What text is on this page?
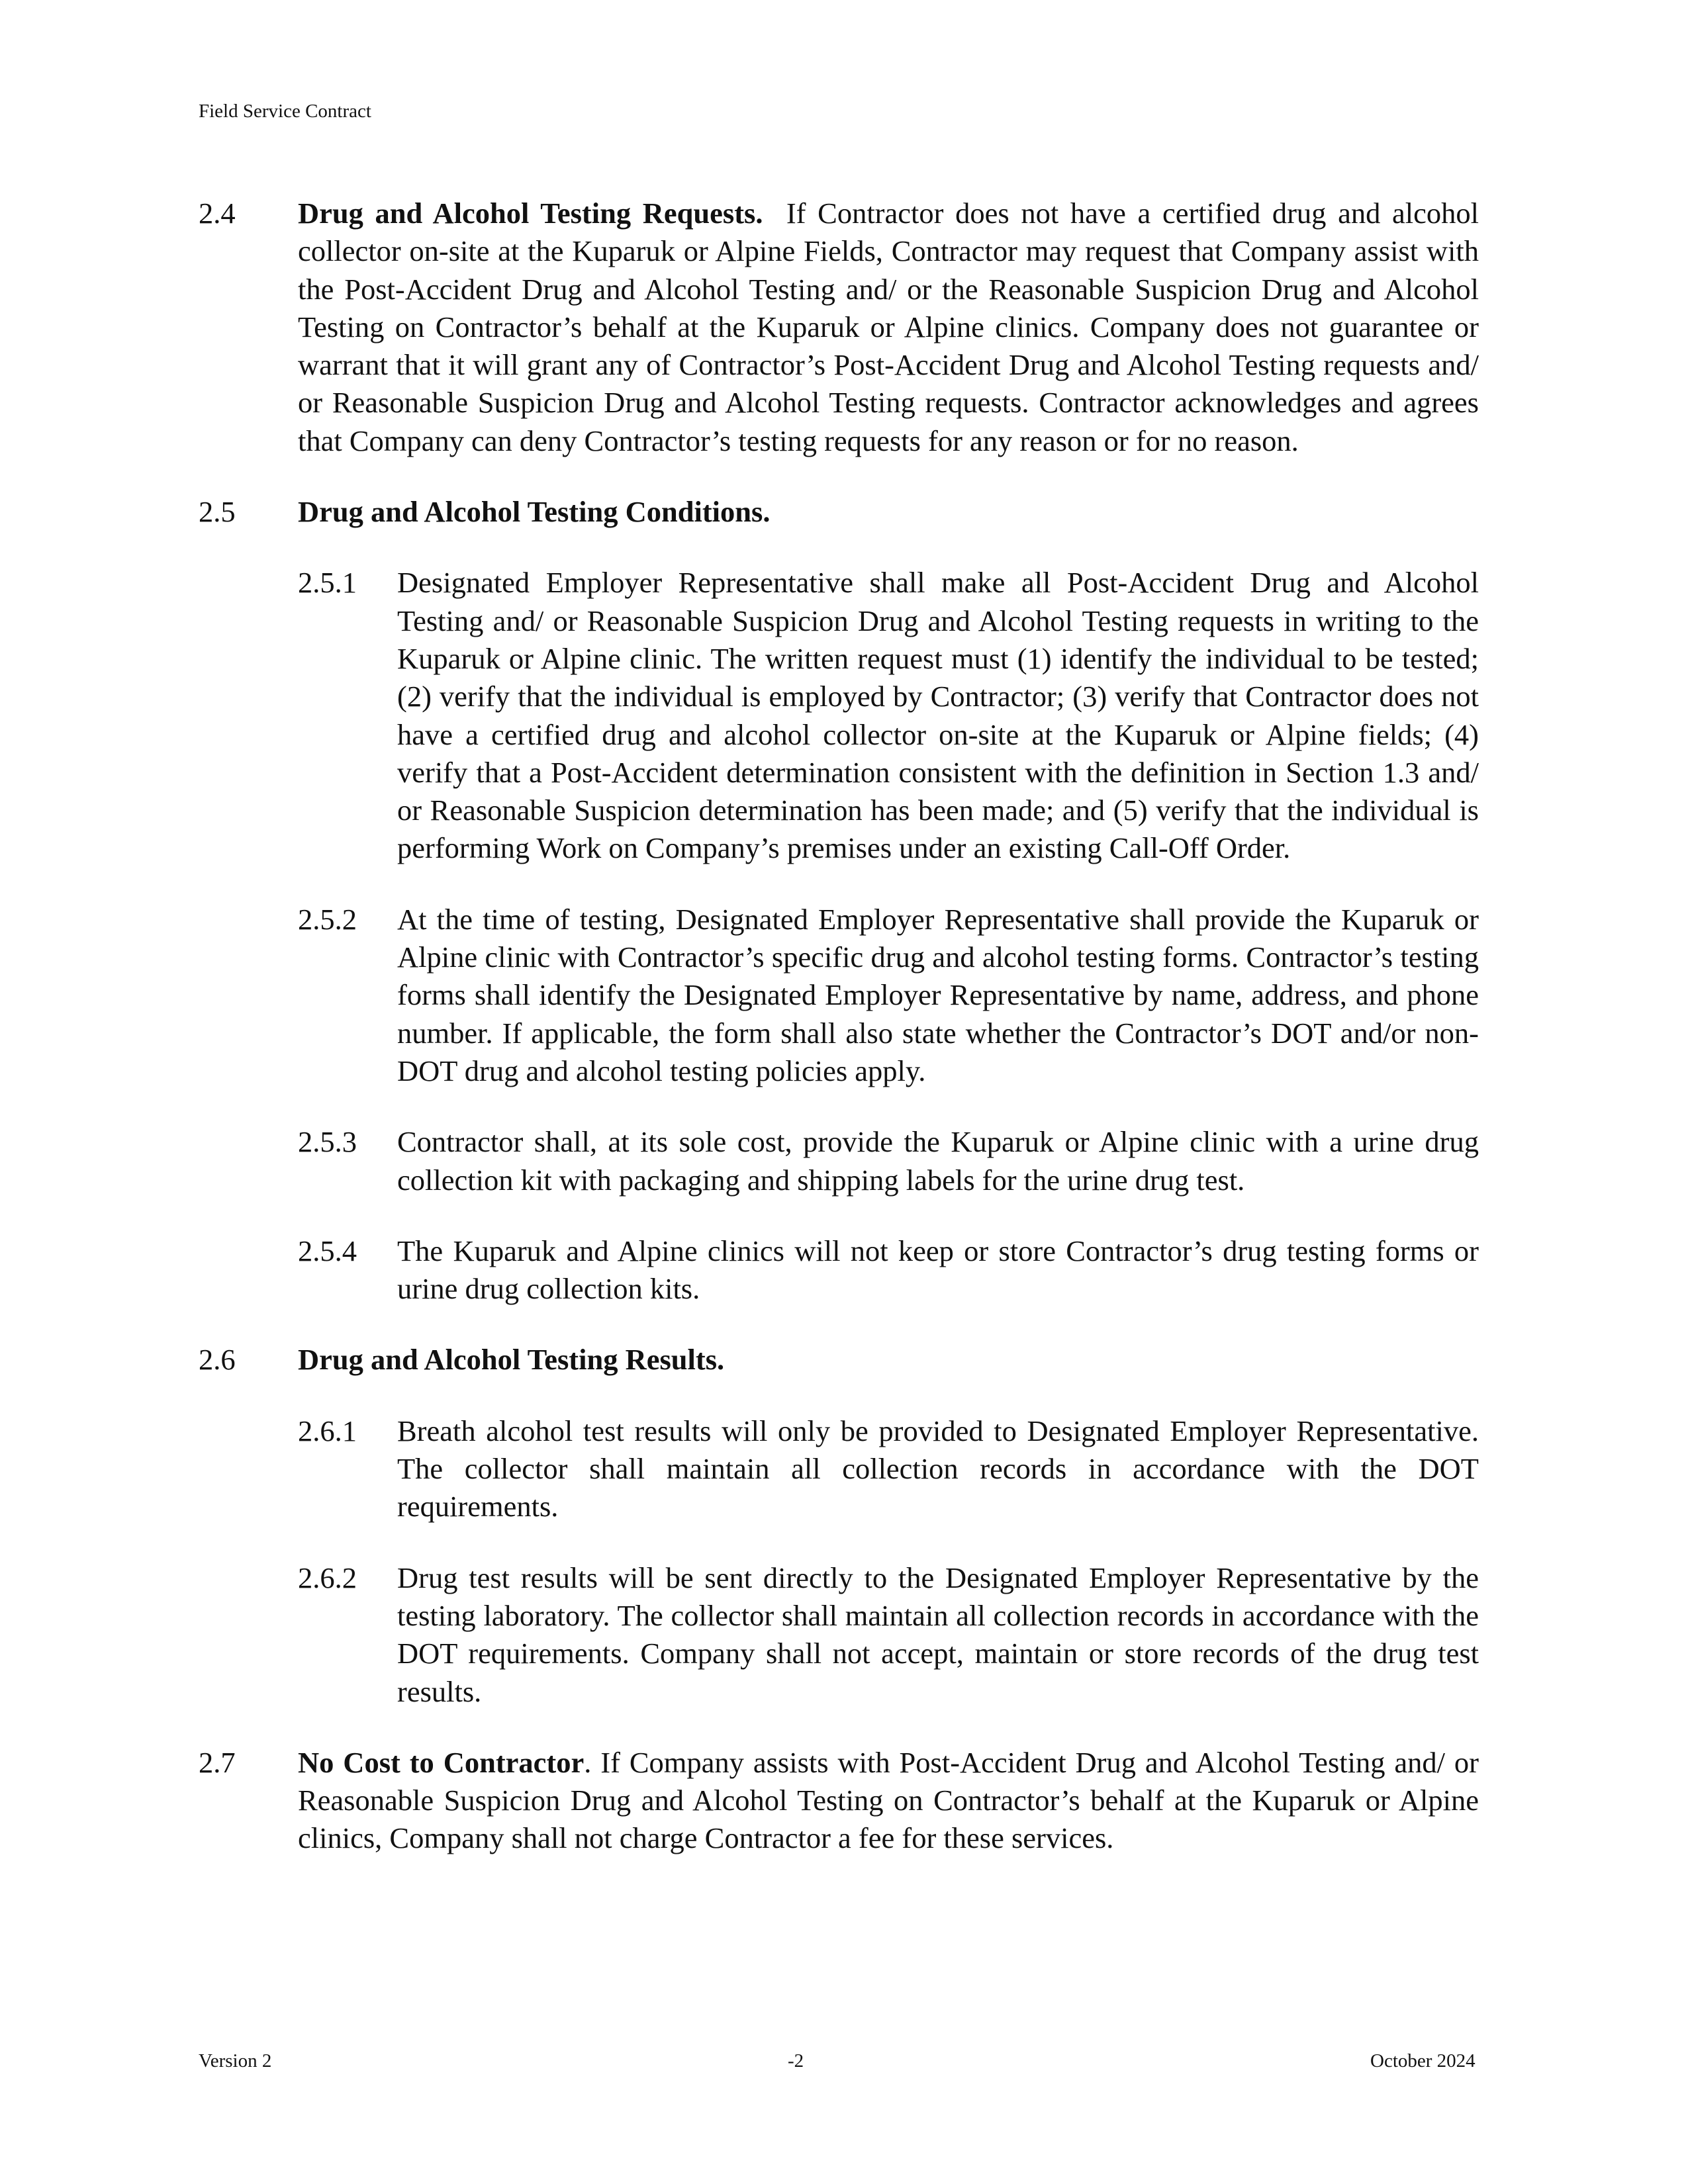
Field Service Contract

2.4 Drug and Alcohol Testing Requests. If Contractor does not have a certified drug and alcohol collector on-site at the Kuparuk or Alpine Fields, Contractor may request that Company assist with the Post-Accident Drug and Alcohol Testing and/ or the Reasonable Suspicion Drug and Alcohol Testing on Contractor’s behalf at the Kuparuk or Alpine clinics. Company does not guarantee or warrant that it will grant any of Contractor’s Post-Accident Drug and Alcohol Testing requests and/ or Reasonable Suspicion Drug and Alcohol Testing requests. Contractor acknowledges and agrees that Company can deny Contractor’s testing requests for any reason or for no reason.

2.5 Drug and Alcohol Testing Conditions.

2.5.1 Designated Employer Representative shall make all Post-Accident Drug and Alcohol Testing and/ or Reasonable Suspicion Drug and Alcohol Testing requests in writing to the Kuparuk or Alpine clinic. The written request must (1) identify the individual to be tested; (2) verify that the individual is employed by Contractor; (3) verify that Contractor does not have a certified drug and alcohol collector on-site at the Kuparuk or Alpine fields; (4) verify that a Post-Accident determination consistent with the definition in Section 1.3 and/ or Reasonable Suspicion determination has been made; and (5) verify that the individual is performing Work on Company’s premises under an existing Call-Off Order.

2.5.2 At the time of testing, Designated Employer Representative shall provide the Kuparuk or Alpine clinic with Contractor’s specific drug and alcohol testing forms. Contractor’s testing forms shall identify the Designated Employer Representative by name, address, and phone number. If applicable, the form shall also state whether the Contractor’s DOT and/or non-DOT drug and alcohol testing policies apply.

2.5.3 Contractor shall, at its sole cost, provide the Kuparuk or Alpine clinic with a urine drug collection kit with packaging and shipping labels for the urine drug test.

2.5.4 The Kuparuk and Alpine clinics will not keep or store Contractor’s drug testing forms or urine drug collection kits.

2.6 Drug and Alcohol Testing Results.

2.6.1 Breath alcohol test results will only be provided to Designated Employer Representative. The collector shall maintain all collection records in accordance with the DOT requirements.

2.6.2 Drug test results will be sent directly to the Designated Employer Representative by the testing laboratory. The collector shall maintain all collection records in accordance with the DOT requirements. Company shall not accept, maintain or store records of the drug test results.

2.7 No Cost to Contractor. If Company assists with Post-Accident Drug and Alcohol Testing and/ or Reasonable Suspicion Drug and Alcohol Testing on Contractor’s behalf at the Kuparuk or Alpine clinics, Company shall not charge Contractor a fee for these services.

Version 2	-2	October 2024
